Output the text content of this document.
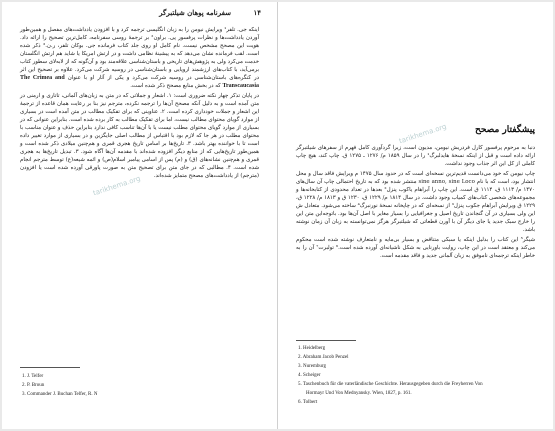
سفرنامه پوهان شیلتبرگر	۱۴

اینکه جی. تلفر¹ ویرایش نیومن را به زبان انگلیسی ترجمه کرد و با افزودن یادداشت‌های مفصل و همین‌طور آوردن یادداشت‌ها و نظرات پرفسور پی. براون² بر ترجمهٔ روسی سفرنامه، کامل‌ترین تصحیح را ارائه داد. هویت این مصحح مشخص نیست. نام کامل او روی جلد کتاب فرمانده جی. بوکان تلفر، ر.ن.³ ذکر شده است. لقب فرمانده نشان می‌دهد که به پیشینهٔ نظامی داشت و در ارتش امریکا یا شاید هم ارتش انگلستان خدمت می‌کرد ولی به پژوهش‌های تاریخی و باستان‌شناسی علاقه‌مند بود و آن‌گونه که از لابه‌لای سطور کتاب برمی‌آید، با کتاب‌های ارزشمند اروپایی و باستان‌شناسی در روسیه شرکت می‌کرد. علاوه بر تصحیح این اثر در کنگره‌های باستان‌شناسی در روسیه شرکت می‌کرد و یکی از آثار او با عنوان The Crimea and Transcaucasia که در بخش منابع مصحح ذکر شده است.

در پایان تذکر چهار نکته ضروری است: ۱. اشعار و جملاتی که در متن به زبان‌های آلمانی، تاتاری و ارمنی در متن آمده است و به دلیل آنکه مصحح آن‌ها را ترجمه نکرده، مترجم نیز بنا بر رعایت همان قاعده از ترجمهٔ این اشعار و جملات خودداری کرده است. ۲. عناوینی که برای تفکیک مطالب در متن آمده است در بسیاری از موارد گویای محتوای مطالب نیست، اما برای تفکیک مطالب به کار برده شده است. بنابراین عنوانی که در بسیاری از موارد گویای محتوای مطلب نیست یا با آن‌ها تناسب کافی ندارد بنابراین حذف و عنوان مناسب با محتوای مطلب در هر جا که لازم بود با اقتباس از مطالب اصلی جایگزین و در بسیاری از موارد تغییر داده است تا با خواننده بهتر باشد. ۳. تاریخ‌ها بر اساس تاریخ هجری قمری و هم‌چنین میلادی ذکر شده است و همین‌طور تاریخ‌هایی که از منابع دیگر افزوده شده‌اند با مقدمه آن‌ها آگاه شود. ۳. تبدیل تاریخ‌ها به هجری قمری و هم‌چنین نشانه‌های (ق) و (م) پس از اسامی پیامبر اسلام(ص) و ائمه شیعه(ع) توسط مترجم انجام شده است. ۴. مطالبی که در جای متن برای تصحیح متن به صورت پاورقی آورده شده است یا افزودن (مترجم) از یادداشت‌های مصحح متمایز شده‌اند.

tarikhema.org
1. J. Telfer
2. P. Broun
3. Commander J. Buchan Telfer, R. N
پیشگفتار مصحح
tarikhema.org

دنبا به مرحوم پرفسور کارل فردریش نیومن، مدیون است، زیرا گردآوری کامل فهرم از سفرهای شیلتبرگر ارائه داده است و قبل از اینکه نسخهٔ هایدلبرگ¹ را در سال ۱۸۵۹ م/ ۱۲۷۶ ـ ۱۲۷۵ ق. چاپ کند، هیچ چاپ کاملی از کل این اثر جذاب وجود نداشت.

چاپ نیومن که خود می‌دانست قدیم‌ترین نسخه‌ای است که در حدود سال ۱۴۷۵ م ویرایش فاقد سال و محل انتشار بود، است که با نام sine anno, sine Loco منتشر شده بود که به تاریخ احتمالی چاپ آن سال‌های ۱۴۷۰ م/ ۱۱۱۳ ق، ۱۱۱۴ ق است. این چاپ را آبراهام یاکوب پنزل² بعدها در تعداد محدودی از کتابخانه‌ها و مجموعه‌های شخصی کتاب‌های کمیاب وجود داشت. در سال ۱۸۱۴ م/ ۱۲۲۹ ق، ۱۲۳۰ ق و ۱۸۱۳ م/ ۱۲۲۸ ق، ۱۲۲۹ ق ویرایش آبراهام جکوب پنزل³ از نسخه‌ای که در چاپخانه نسخهٔ نورنبرگ⁴ ساخته می‌شود. متعادل ش این ولی بسیاری در آن گنجاندن تاریخ اصیل و جغرافیایی را بسیار مغایر با اصل آن‌ها بود. باتوجه‌این متن این را خارج سبک جدید یا جای دیگر آن با آورن قطعاتی که شیلتبرگر هرگز نمی‌توانسته به زبان آن زمان نوشته باشد.

شیگر⁵ این کتاب را بدلیل اینکه یا سبکی متناقض و بسیار بی‌مایه و نامتعارف نوشته شده است محکوم می‌کند و معتقد است در این چاپ، روایت باورنایی به شکل ناشیانه‌ای آورده شده است.⁶ تولبرت⁷ آن را به خاطر اینکه ترجمه‌ای ناموفق به زبان آلمانی جدید و فاقد مقدمه است.

1. Heidelberg
2. Abraham Jacob Penzel
3. Nuremburg
4. Scheiger
5. Taschenbuch für die vaterländische Geschichte. Herausgegeben durch die Freyherren Von
Hormayr Und Von Mednyansky. Wien, 1827, p. 161.
6. Tolbert
